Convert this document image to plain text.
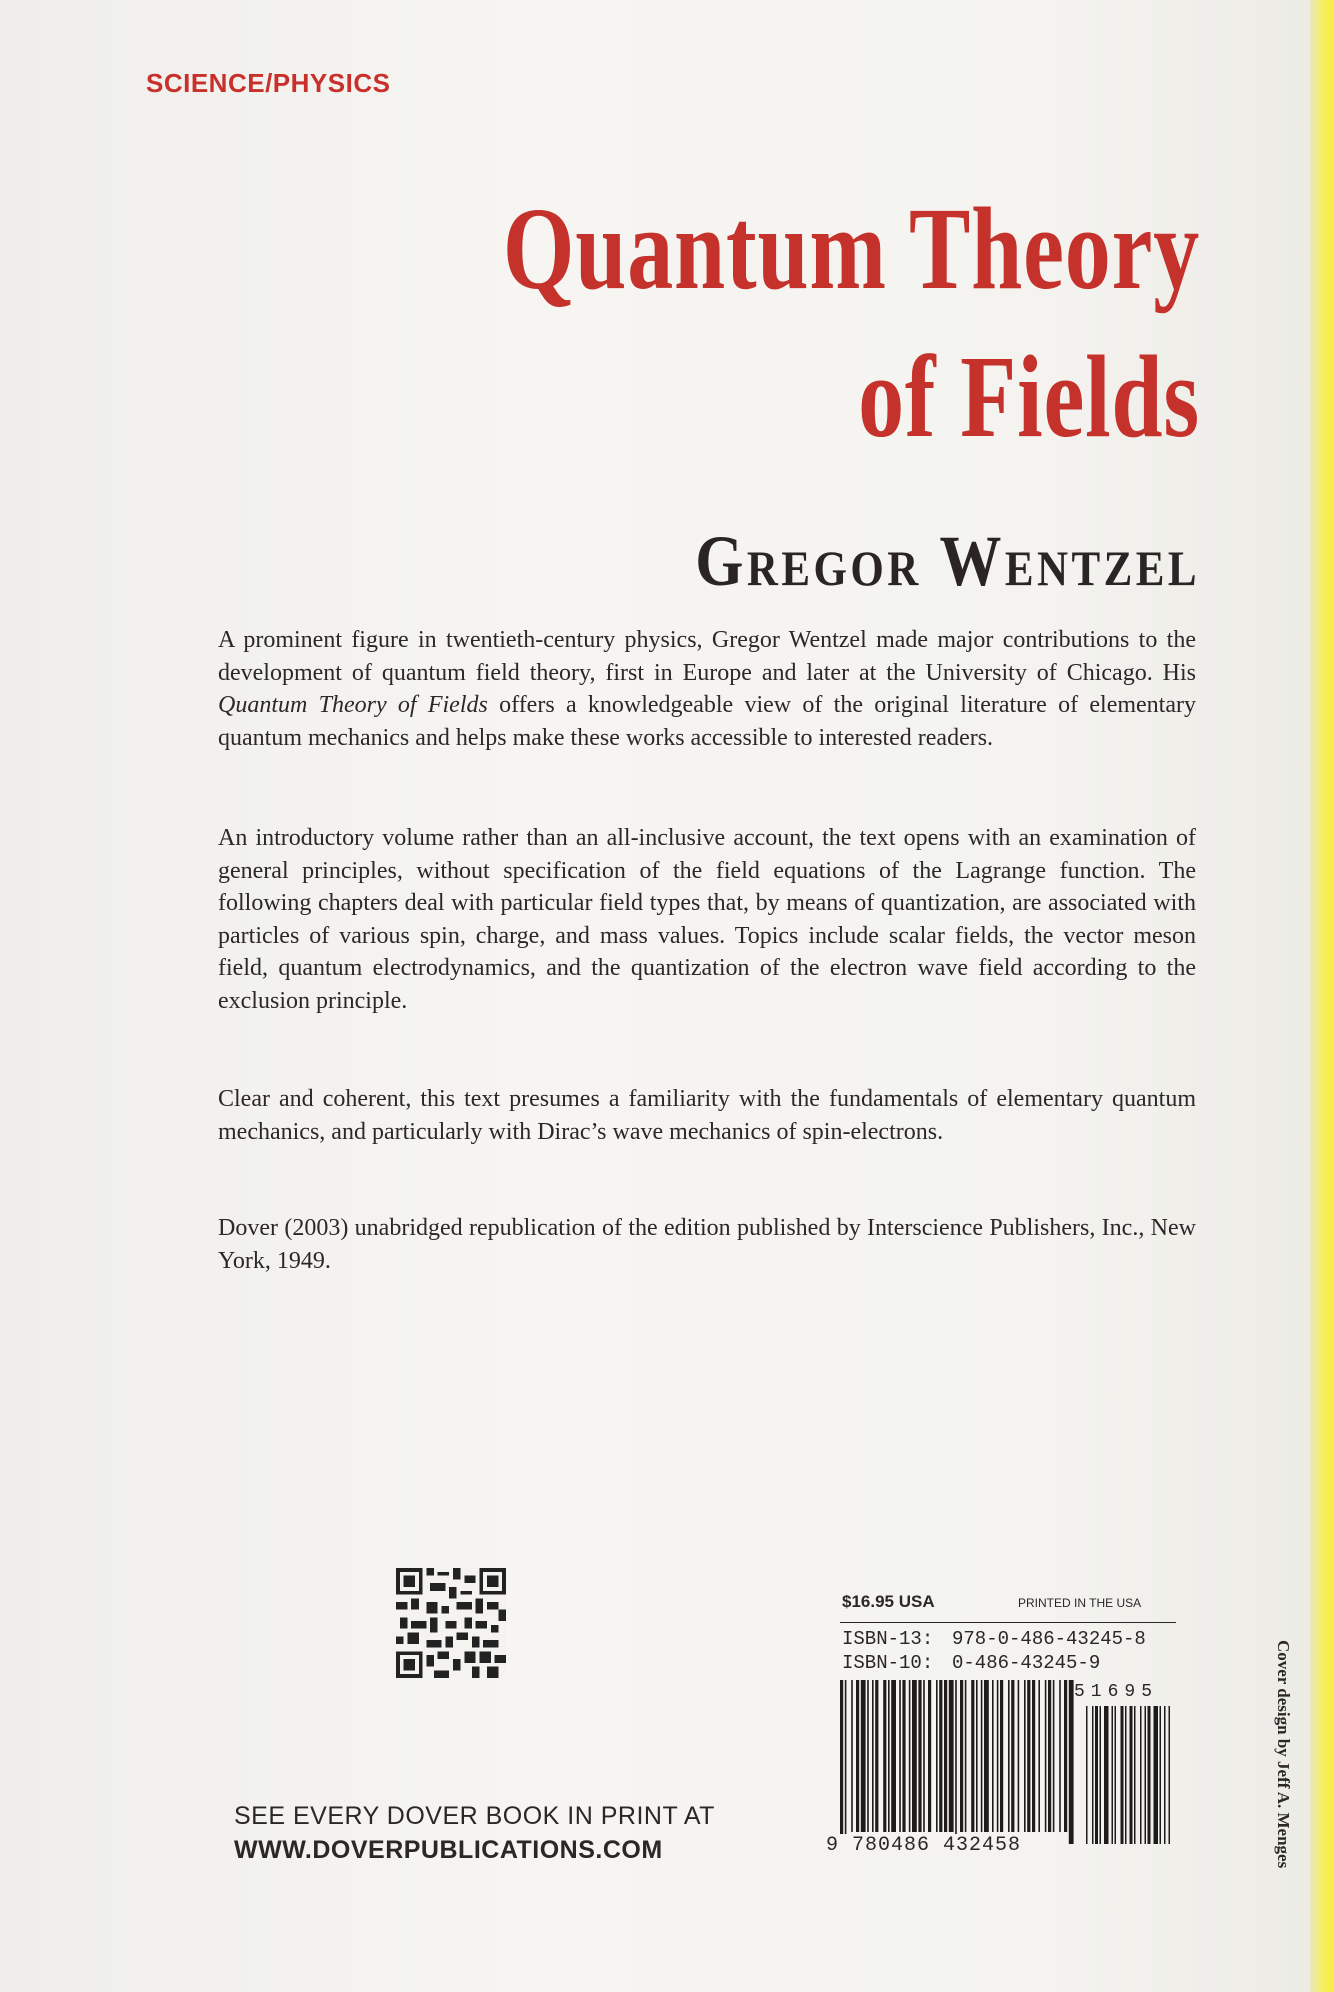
SCIENCE/PHYSICS
Quantum Theory
of Fields
Gregor Wentzel
A prominent figure in twentieth-century physics, Gregor Wentzel made major contributions to the development of quantum field theory, first in Europe and later at the University of Chicago. His Quantum Theory of Fields offers a knowledgeable view of the original literature of elementary quantum mechanics and helps make these works accessible to interested readers.
An introductory volume rather than an all-inclusive account, the text opens with an examination of general principles, without specification of the field equations of the Lagrange function. The following chapters deal with particular field types that, by means of quantization, are associated with particles of various spin, charge, and mass values. Topics include scalar fields, the vector meson field, quantum electrodynamics, and the quantization of the electron wave field according to the exclusion principle.
Clear and coherent, this text presumes a familiarity with the fundamentals of elementary quantum mechanics, and particularly with Dirac’s wave mechanics of spin-electrons.
Dover (2003) unabridged republication of the edition published by Interscience Publishers, Inc., New York, 1949.
SEE EVERY DOVER BOOK IN PRINT AT
WWW.DOVERPUBLICATIONS.COM
$16.95 USA	PRINTED IN THE USA
ISBN-13: 978-0-486-43245-8
ISBN-10: 0-486-43245-9
51695
9 780486 432458	Cover design by Jeff A. Menges
